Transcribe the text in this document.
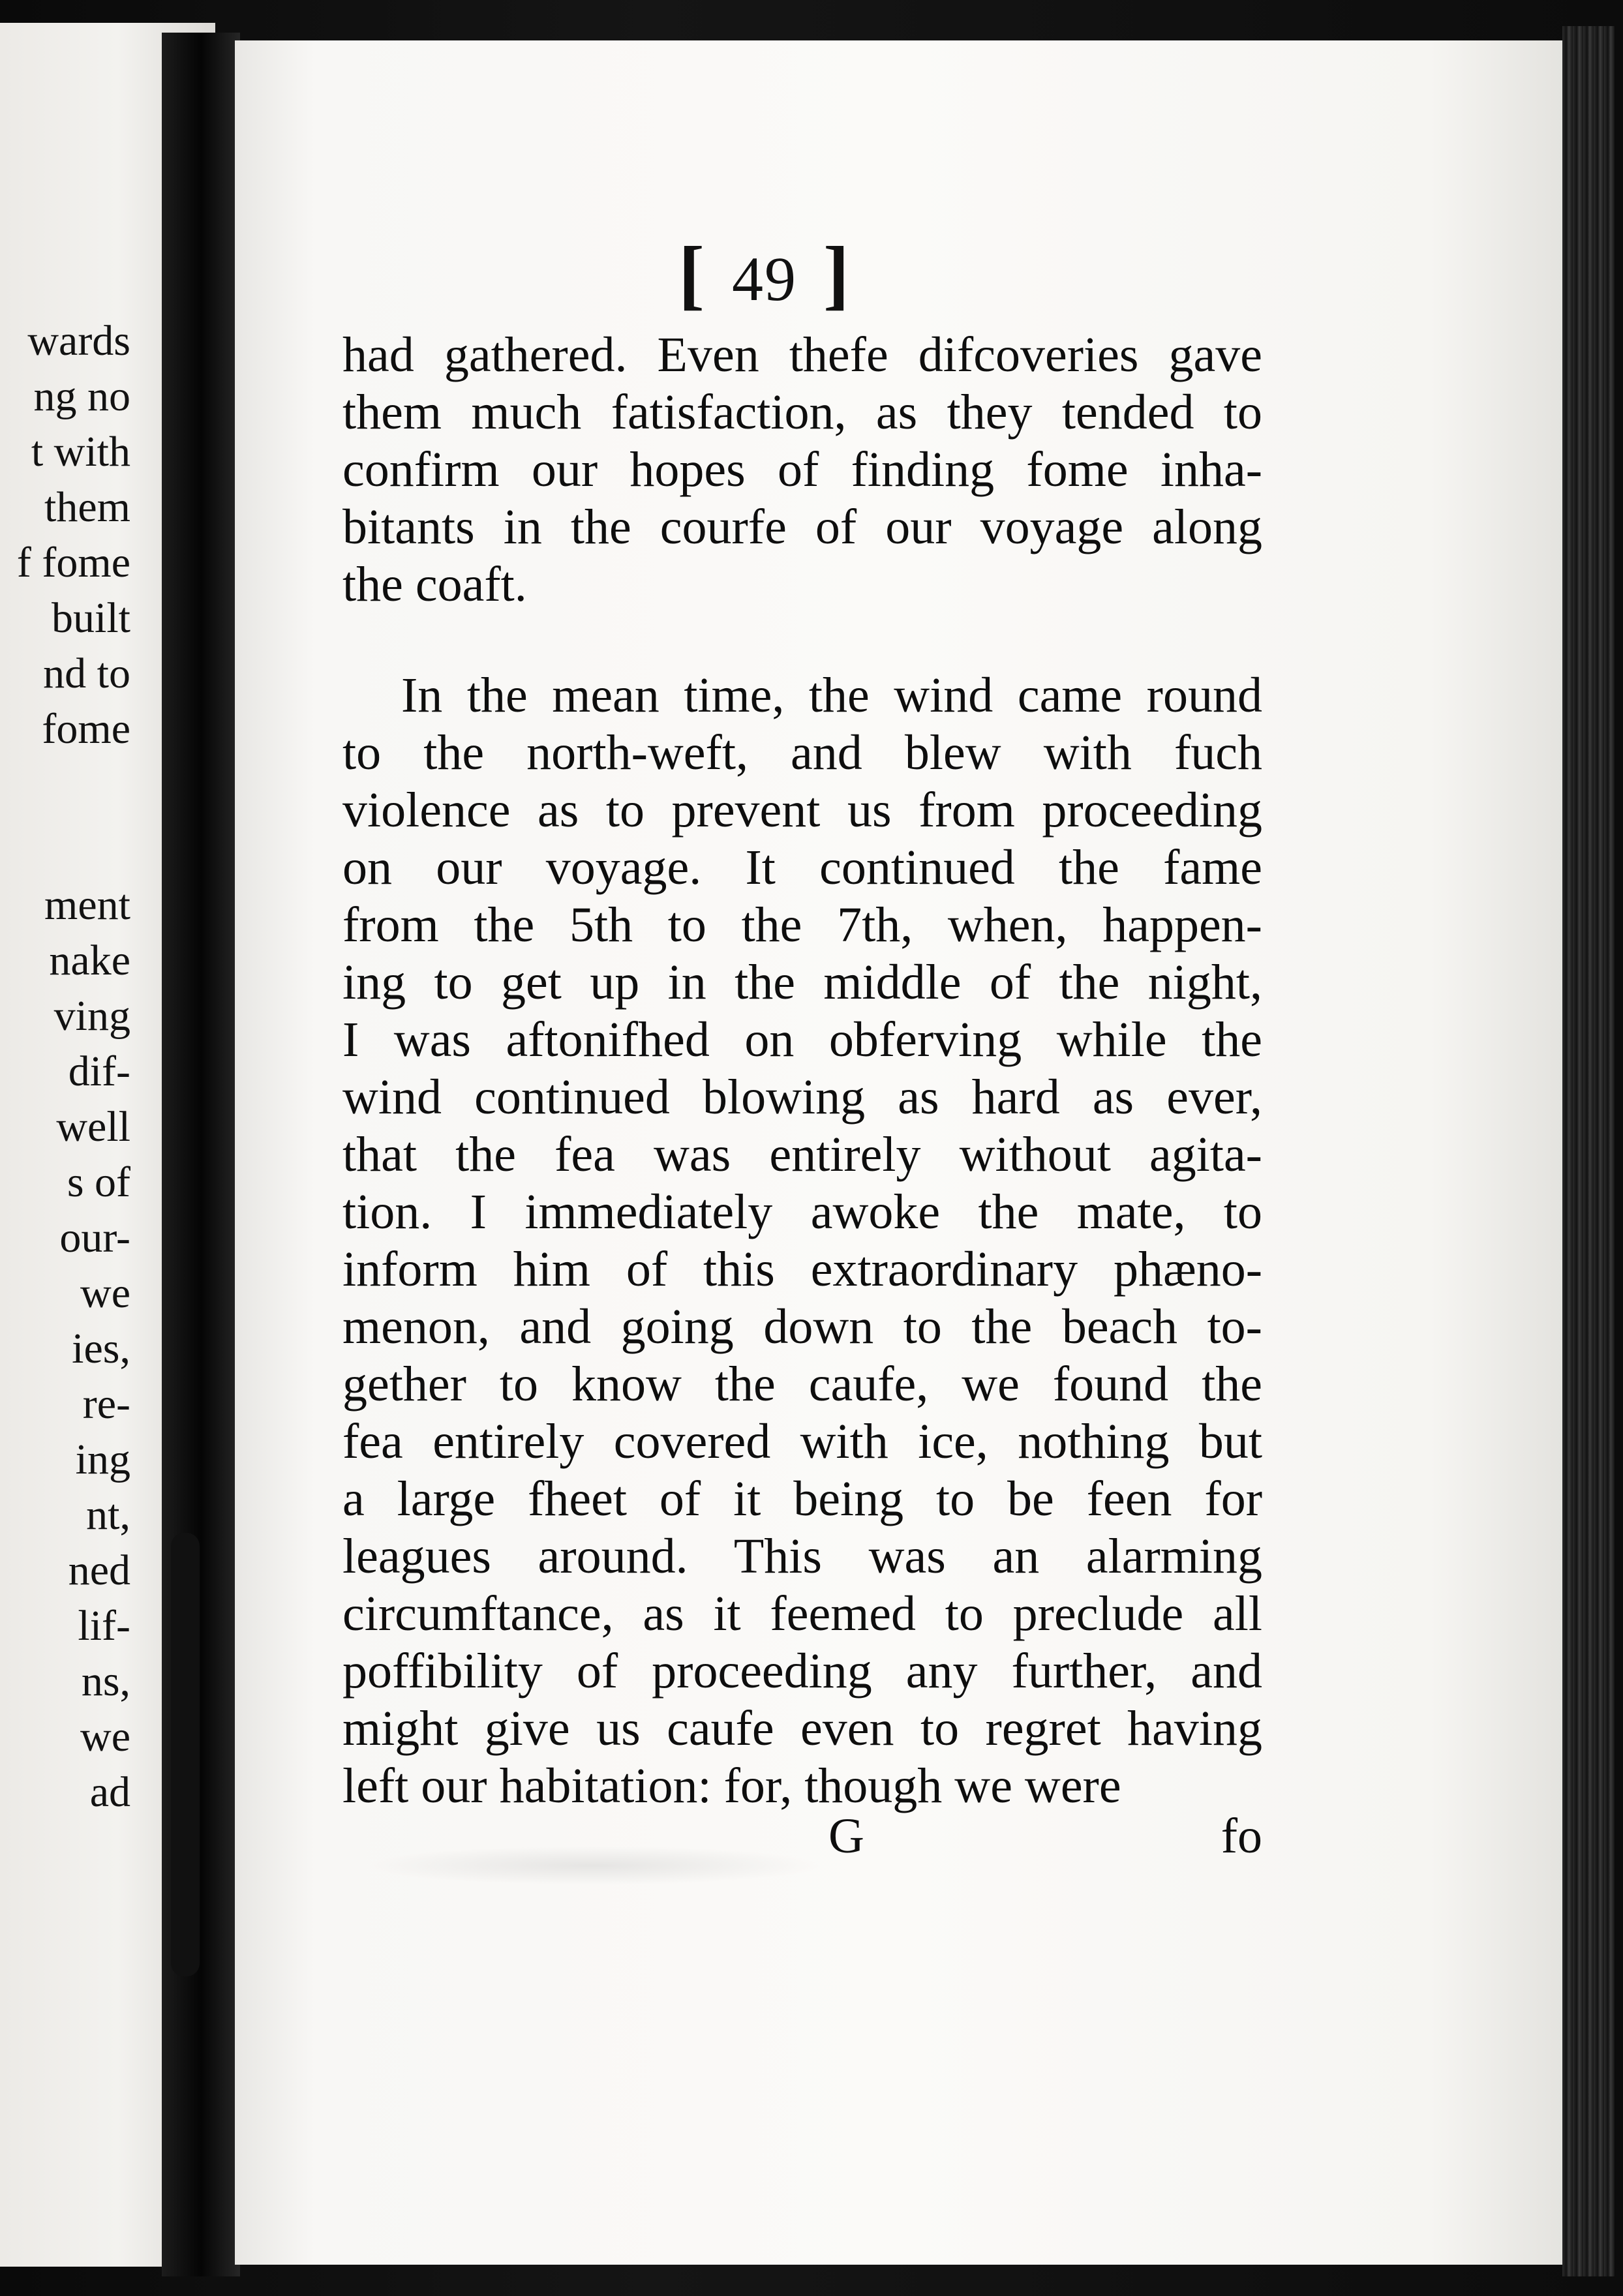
wards
ng no
t with
them
f fome
built
nd to
fome
ment
nake
ving
dif-
well
s of
our-
we
ies,
re-
ing
nt,
ned
lif-
ns,
we
ad
[ 49 ]
had gathered. Even thefe difcoveries gave
them much fatisfaction, as they tended to
confirm our hopes of finding fome inha-
bitants in the courfe of our voyage along
the coaft.
In the mean time, the wind came round
to the north-weft, and blew with fuch
violence as to prevent us from proceeding
on our voyage. It continued the fame
from the 5th to the 7th, when, happen-
ing to get up in the middle of the night,
I was aftonifhed on obferving while the
wind continued blowing as hard as ever,
that the fea was entirely without agita-
tion. I immediately awoke the mate, to
inform him of this extraordinary phæno-
menon, and going down to the beach to-
gether to know the caufe, we found the
fea entirely covered with ice, nothing but
a large fheet of it being to be feen for
leagues around. This was an alarming
circumftance, as it feemed to preclude all
poffibility of proceeding any further, and
might give us caufe even to regret having
left our habitation: for, though we were
G	fo
